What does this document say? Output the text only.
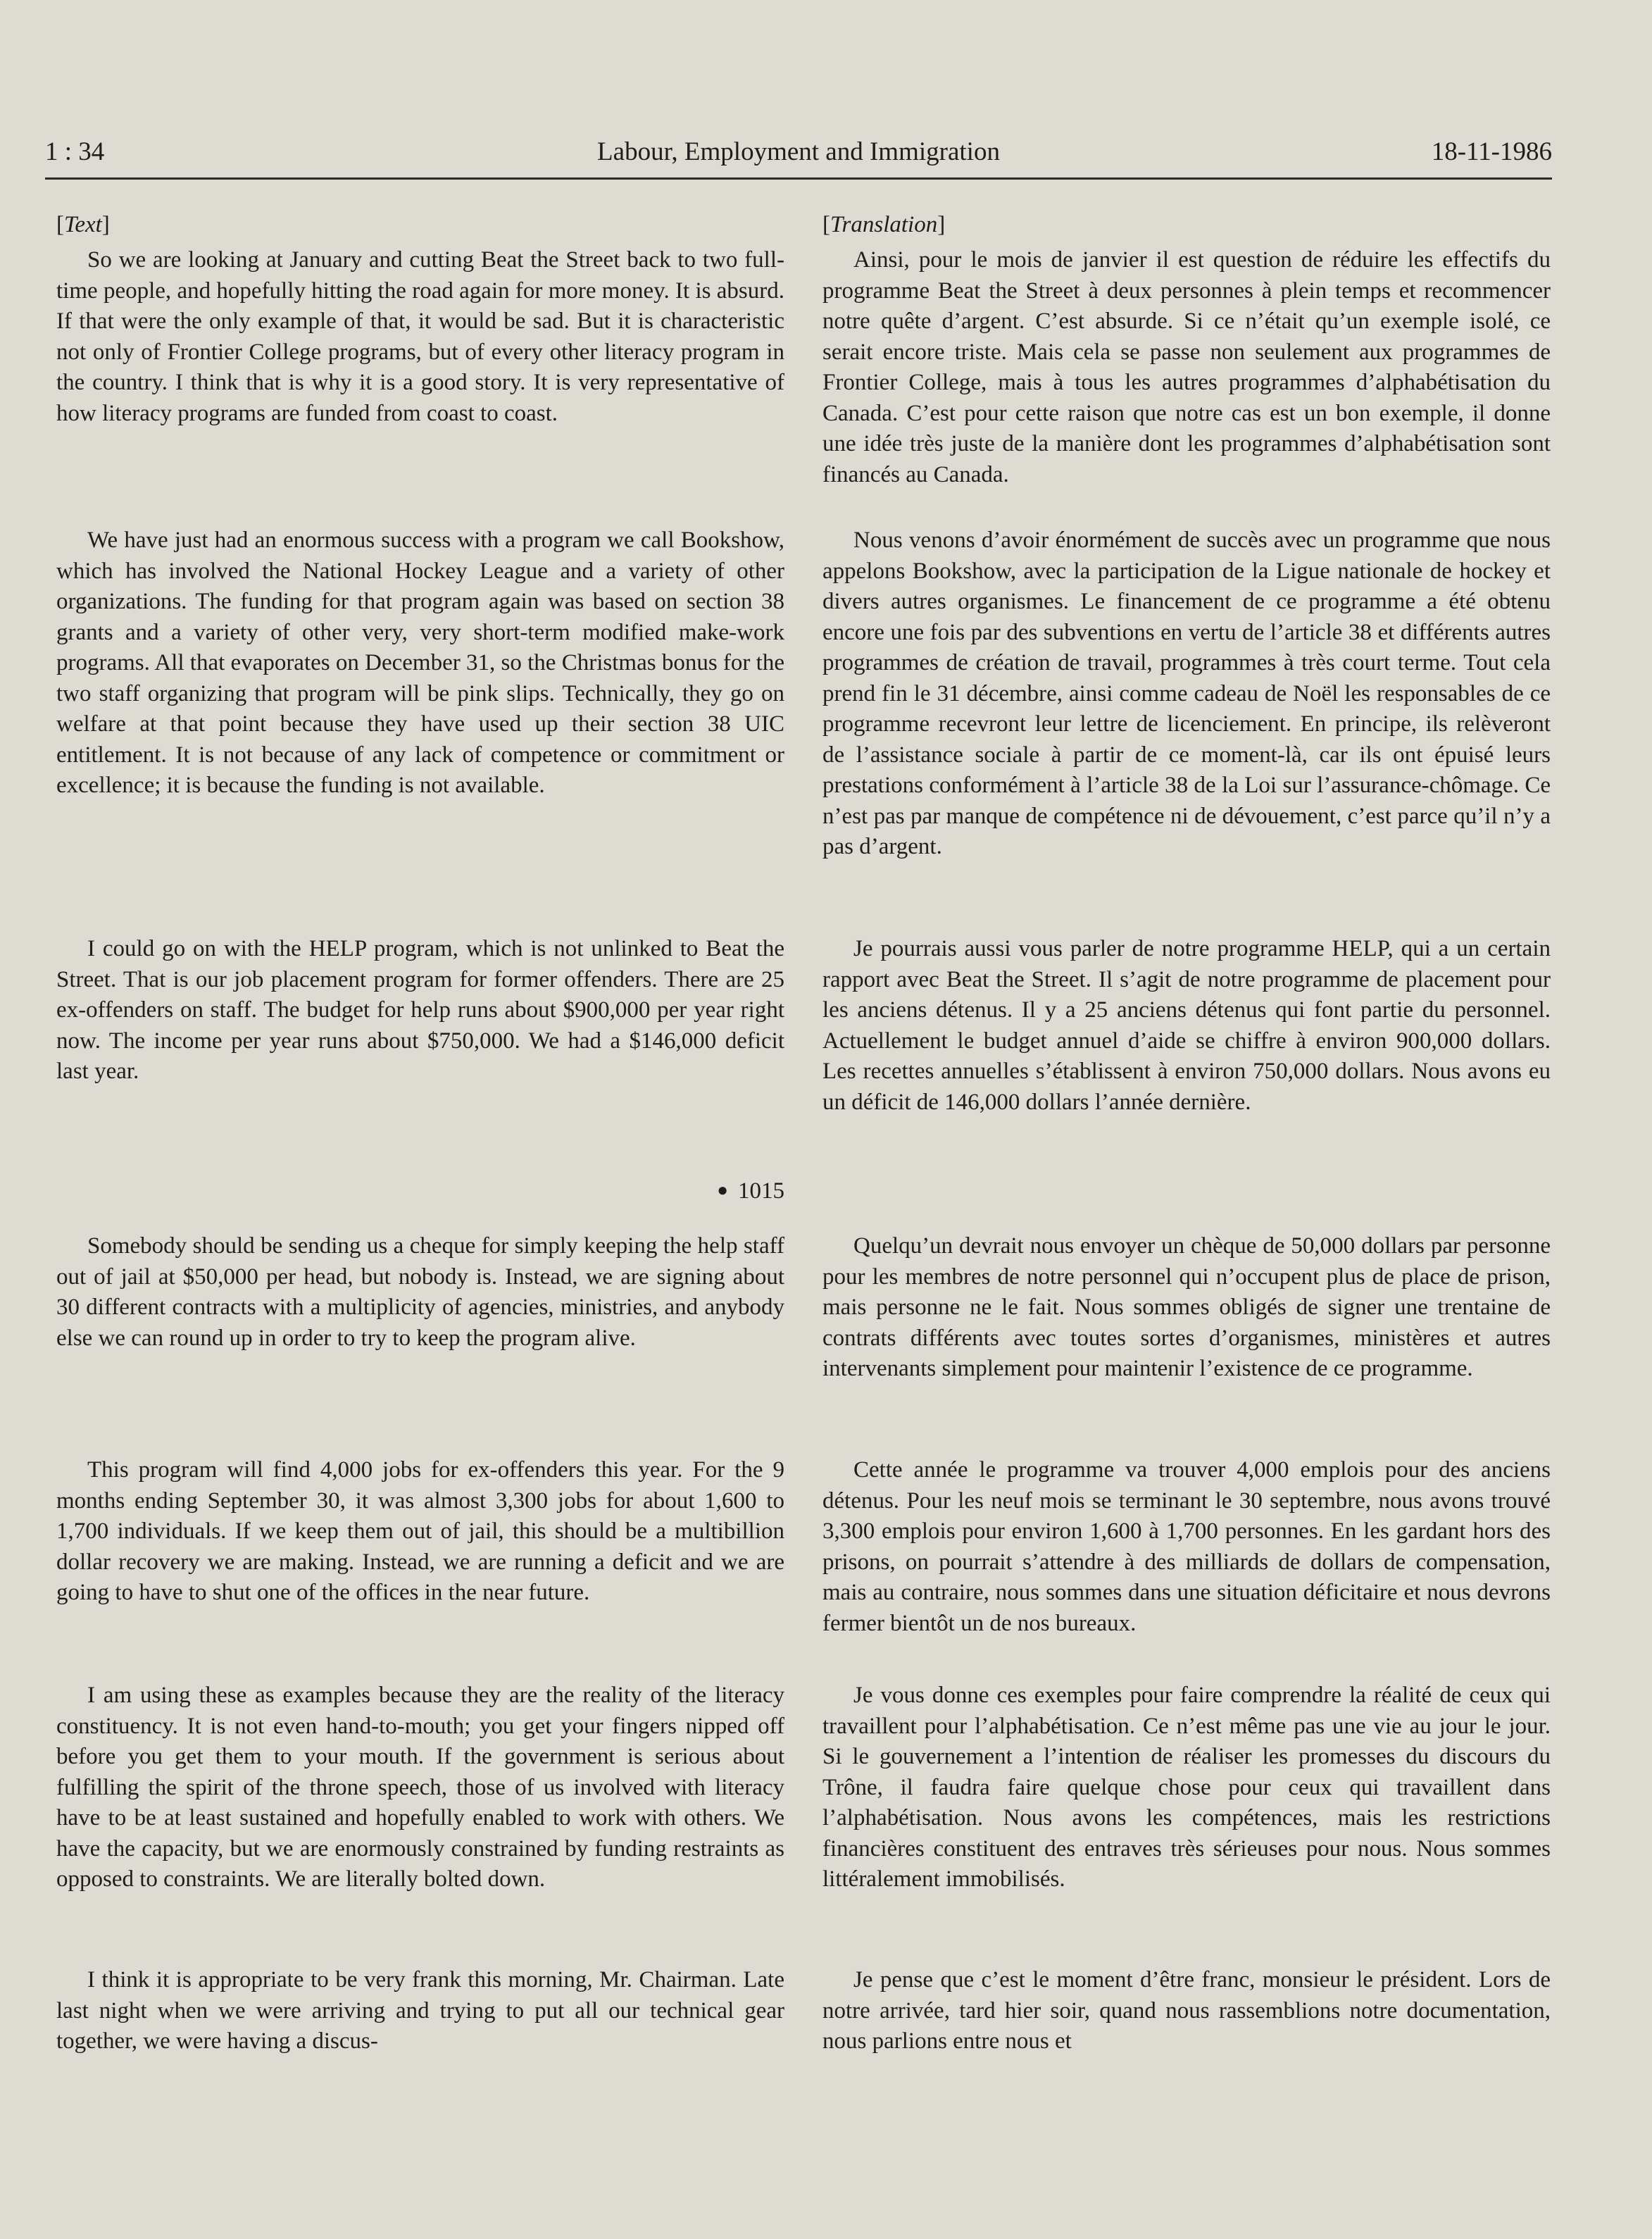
1 : 34	Labour, Employment and Immigration	18-11-1986
[Text]

So we are looking at January and cutting Beat the Street back to two full-time people, and hopefully hitting the road again for more money. It is absurd. If that were the only example of that, it would be sad. But it is characteristic not only of Frontier College programs, but of every other literacy program in the country. I think that is why it is a good story. It is very representative of how literacy programs are funded from coast to coast.

We have just had an enormous success with a program we call Bookshow, which has involved the National Hockey League and a variety of other organizations. The funding for that program again was based on section 38 grants and a variety of other very, very short-term modified make-work programs. All that evaporates on December 31, so the Christmas bonus for the two staff organizing that program will be pink slips. Technically, they go on welfare at that point because they have used up their section 38 UIC entitlement. It is not because of any lack of competence or commitment or excellence; it is because the funding is not available.

I could go on with the HELP program, which is not unlinked to Beat the Street. That is our job placement program for former offenders. There are 25 ex-offenders on staff. The budget for help runs about $900,000 per year right now. The income per year runs about $750,000. We had a $146,000 deficit last year.

● 1015

Somebody should be sending us a cheque for simply keeping the help staff out of jail at $50,000 per head, but nobody is. Instead, we are signing about 30 different contracts with a multiplicity of agencies, ministries, and anybody else we can round up in order to try to keep the program alive.

This program will find 4,000 jobs for ex-offenders this year. For the 9 months ending September 30, it was almost 3,300 jobs for about 1,600 to 1,700 individuals. If we keep them out of jail, this should be a multibillion dollar recovery we are making. Instead, we are running a deficit and we are going to have to shut one of the offices in the near future.

I am using these as examples because they are the reality of the literacy constituency. It is not even hand-to-mouth; you get your fingers nipped off before you get them to your mouth. If the government is serious about fulfilling the spirit of the throne speech, those of us involved with literacy have to be at least sustained and hopefully enabled to work with others. We have the capacity, but we are enormously constrained by funding restraints as opposed to constraints. We are literally bolted down.

I think it is appropriate to be very frank this morning, Mr. Chairman. Late last night when we were arriving and trying to put all our technical gear together, we were having a discus-

[Translation]

Ainsi, pour le mois de janvier il est question de réduire les effectifs du programme Beat the Street à deux personnes à plein temps et recommencer notre quête d’argent. C’est absurde. Si ce n’était qu’un exemple isolé, ce serait encore triste. Mais cela se passe non seulement aux programmes de Frontier College, mais à tous les autres programmes d’alphabétisation du Canada. C’est pour cette raison que notre cas est un bon exemple, il donne une idée très juste de la manière dont les programmes d’alphabétisation sont financés au Canada.

Nous venons d’avoir énormément de succès avec un programme que nous appelons Bookshow, avec la participation de la Ligue nationale de hockey et divers autres organismes. Le financement de ce programme a été obtenu encore une fois par des subventions en vertu de l’article 38 et différents autres programmes de création de travail, programmes à très court terme. Tout cela prend fin le 31 décembre, ainsi comme cadeau de Noël les responsables de ce programme recevront leur lettre de licenciement. En principe, ils relèveront de l’assistance sociale à partir de ce moment-là, car ils ont épuisé leurs prestations conformément à l’article 38 de la Loi sur l’assurance-chômage. Ce n’est pas par manque de compétence ni de dévouement, c’est parce qu’il n’y a pas d’argent.

Je pourrais aussi vous parler de notre programme HELP, qui a un certain rapport avec Beat the Street. Il s’agit de notre programme de placement pour les anciens détenus. Il y a 25 anciens détenus qui font partie du personnel. Actuellement le budget annuel d’aide se chiffre à environ 900,000 dollars. Les recettes annuelles s’établissent à environ 750,000 dollars. Nous avons eu un déficit de 146,000 dollars l’année dernière.

Quelqu’un devrait nous envoyer un chèque de 50,000 dollars par personne pour les membres de notre personnel qui n’occupent plus de place de prison, mais personne ne le fait. Nous sommes obligés de signer une trentaine de contrats différents avec toutes sortes d’organismes, ministères et autres intervenants simplement pour maintenir l’existence de ce programme.

Cette année le programme va trouver 4,000 emplois pour des anciens détenus. Pour les neuf mois se terminant le 30 septembre, nous avons trouvé 3,300 emplois pour environ 1,600 à 1,700 personnes. En les gardant hors des prisons, on pourrait s’attendre à des milliards de dollars de compensation, mais au contraire, nous sommes dans une situation déficitaire et nous devrons fermer bientôt un de nos bureaux.

Je vous donne ces exemples pour faire comprendre la réalité de ceux qui travaillent pour l’alphabétisation. Ce n’est même pas une vie au jour le jour. Si le gouvernement a l’intention de réaliser les promesses du discours du Trône, il faudra faire quelque chose pour ceux qui travaillent dans l’alphabétisation. Nous avons les compétences, mais les restrictions financières constituent des entraves très sérieuses pour nous. Nous sommes littéralement immobilisés.

Je pense que c’est le moment d’être franc, monsieur le président. Lors de notre arrivée, tard hier soir, quand nous rassemblions notre documentation, nous parlions entre nous et
